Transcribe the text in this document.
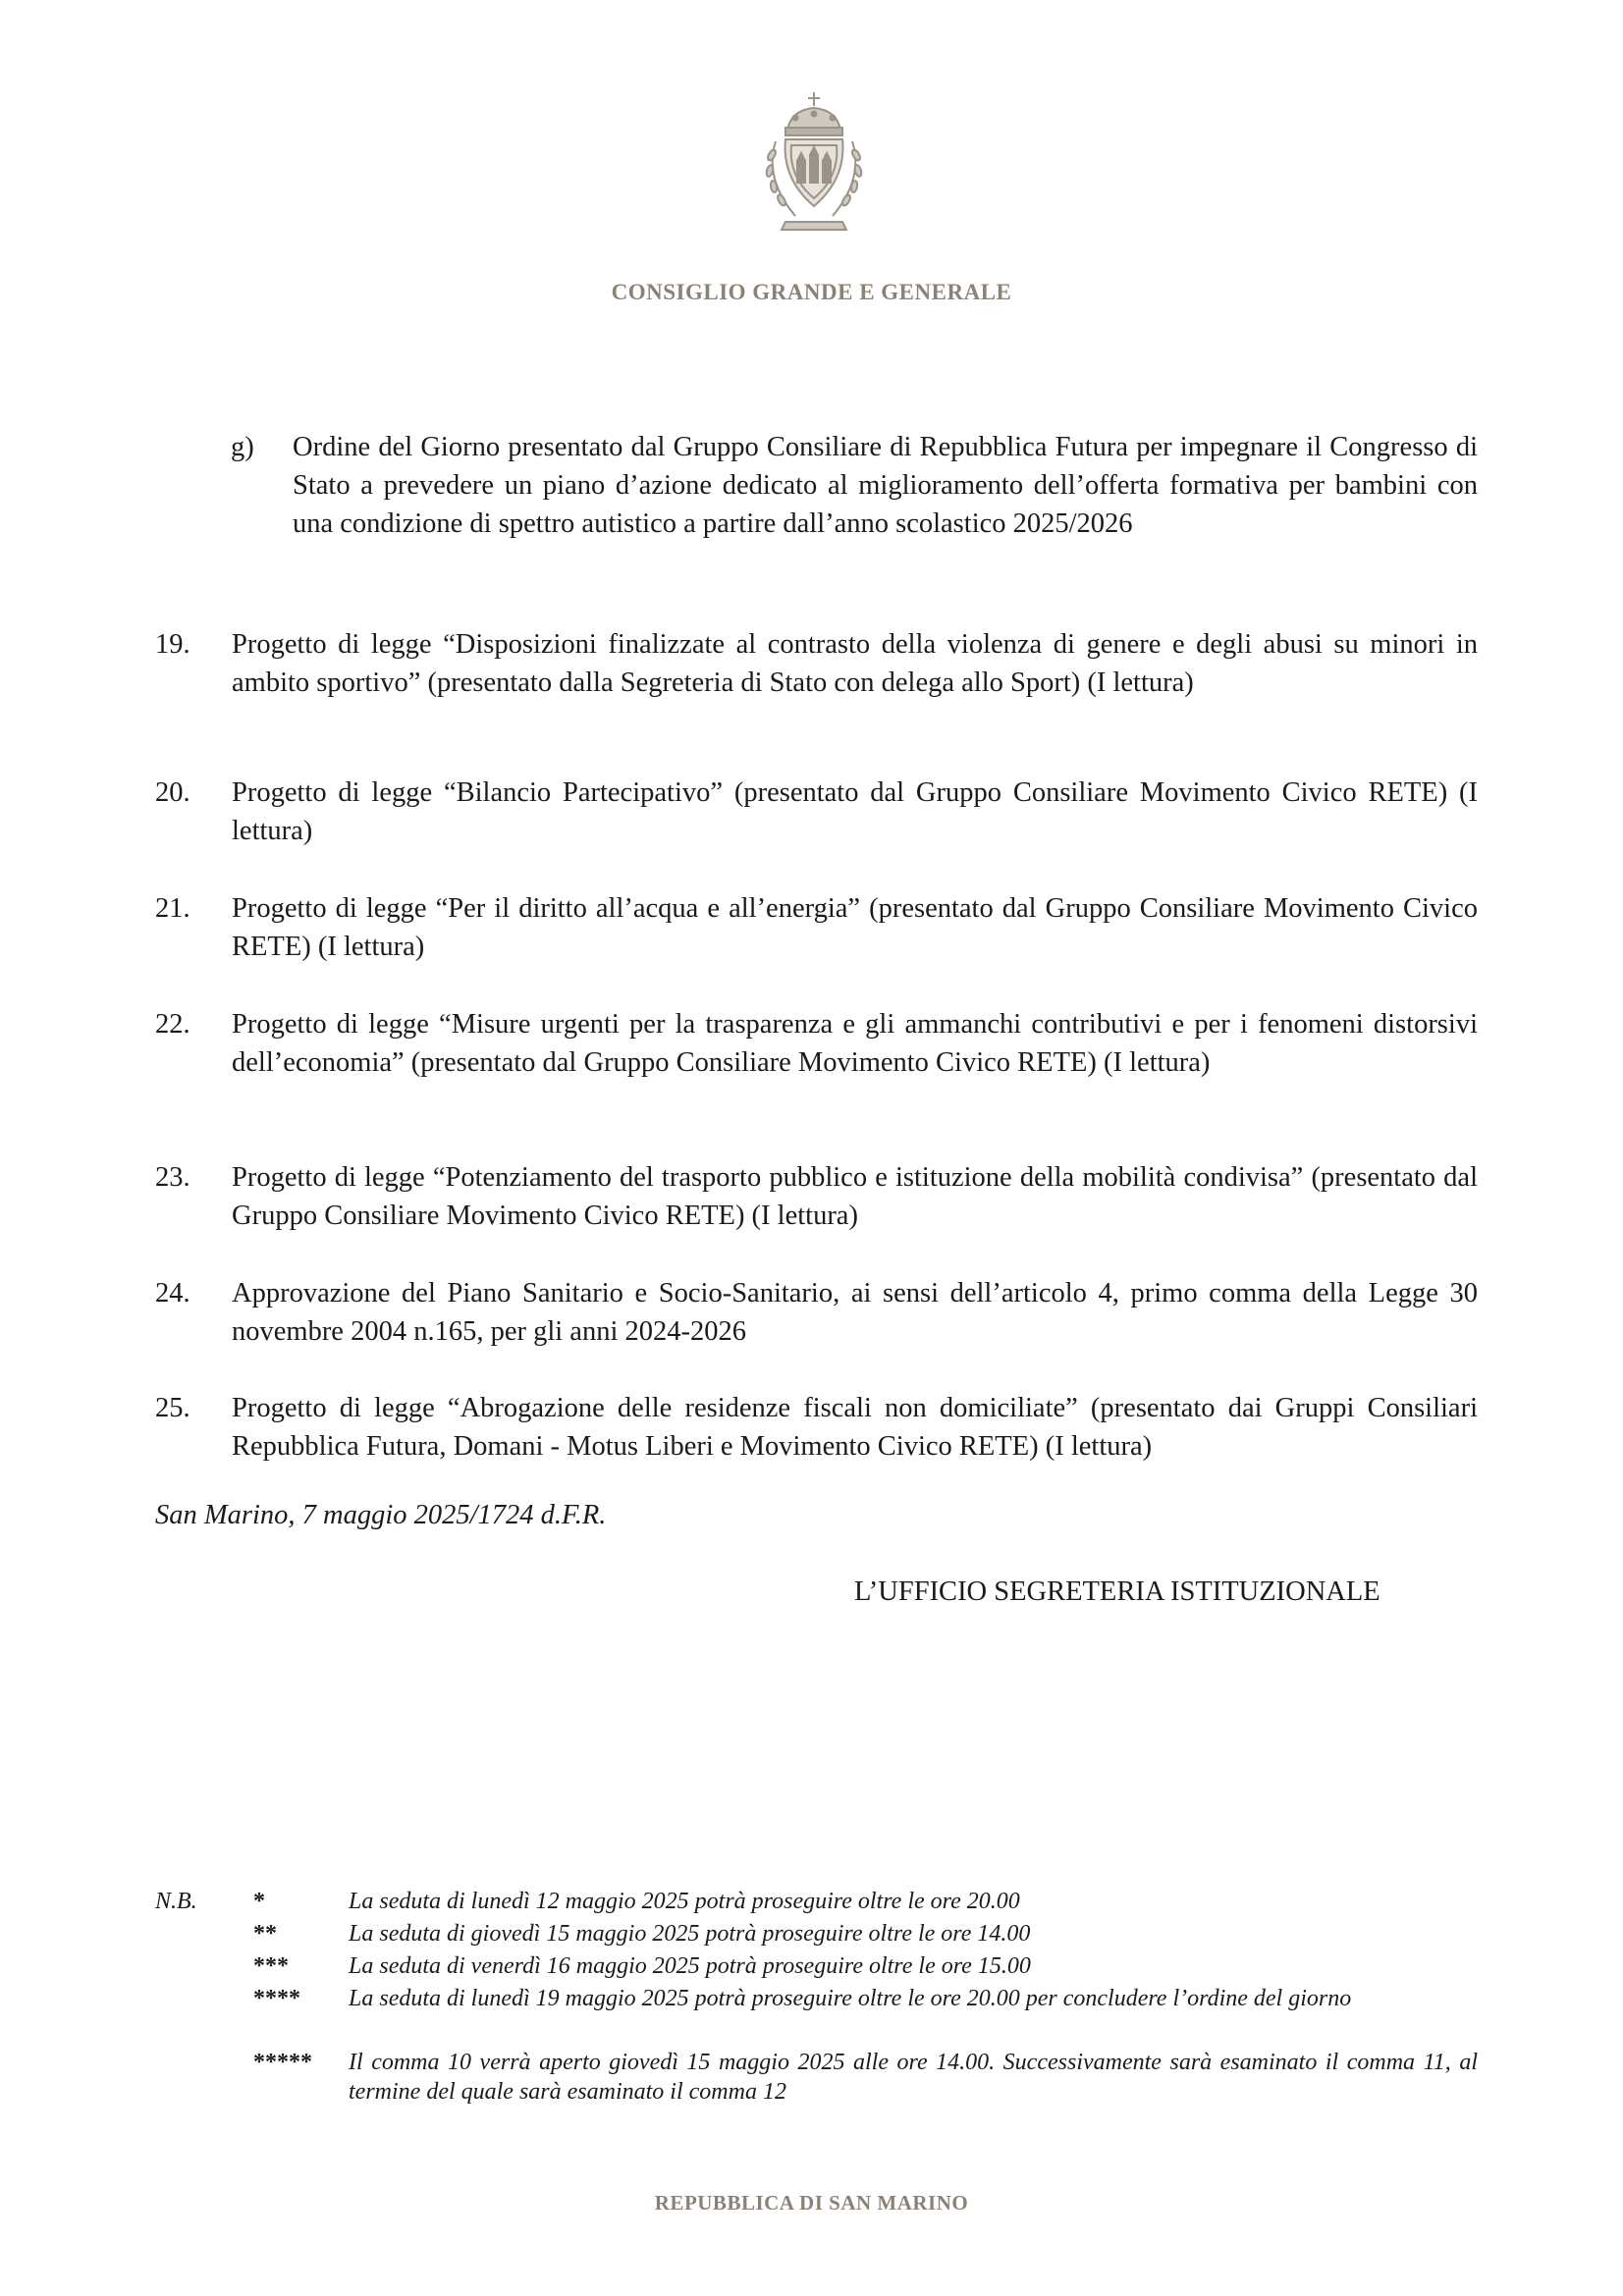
CONSIGLIO GRANDE E GENERALE
g) Ordine del Giorno presentato dal Gruppo Consiliare di Repubblica Futura per impegnare il Congresso di Stato a prevedere un piano d’azione dedicato al miglioramento dell’offerta formativa per bambini con una condizione di spettro autistico a partire dall’anno scolastico 2025/2026
19. Progetto di legge “Disposizioni finalizzate al contrasto della violenza di genere e degli abusi su minori in ambito sportivo” (presentato dalla Segreteria di Stato con delega allo Sport) (I lettura)
20. Progetto di legge “Bilancio Partecipativo” (presentato dal Gruppo Consiliare Movimento Civico RETE) (I lettura)
21. Progetto di legge “Per il diritto all’acqua e all’energia” (presentato dal Gruppo Consiliare Movimento Civico RETE) (I lettura)
22. Progetto di legge “Misure urgenti per la trasparenza e gli ammanchi contributivi e per i fenomeni distorsivi dell’economia” (presentato dal Gruppo Consiliare Movimento Civico RETE) (I lettura)
23. Progetto di legge “Potenziamento del trasporto pubblico e istituzione della mobilità condivisa” (presentato dal Gruppo Consiliare Movimento Civico RETE) (I lettura)
24. Approvazione del Piano Sanitario e Socio-Sanitario, ai sensi dell’articolo 4, primo comma della Legge 30 novembre 2004 n.165, per gli anni 2024-2026
25. Progetto di legge “Abrogazione delle residenze fiscali non domiciliate” (presentato dai Gruppi Consiliari Repubblica Futura, Domani - Motus Liberi e Movimento Civico RETE) (I lettura)
San Marino, 7 maggio 2025/1724 d.F.R.
L’UFFICIO SEGRETERIA ISTITUZIONALE
N.B. *	La seduta di lunedì 12 maggio 2025 potrà proseguire oltre le ore 20.00
**	La seduta di giovedì 15 maggio 2025 potrà proseguire oltre le ore 14.00
***	La seduta di venerdì 16 maggio 2025 potrà proseguire oltre le ore 15.00
**** La seduta di lunedì 19 maggio 2025 potrà proseguire oltre le ore 20.00 per concludere l’ordine del giorno
***** Il comma 10 verrà aperto giovedì 15 maggio 2025 alle ore 14.00. Successivamente sarà esaminato il comma 11, al termine del quale sarà esaminato il comma 12
REPUBBLICA DI SAN MARINO
